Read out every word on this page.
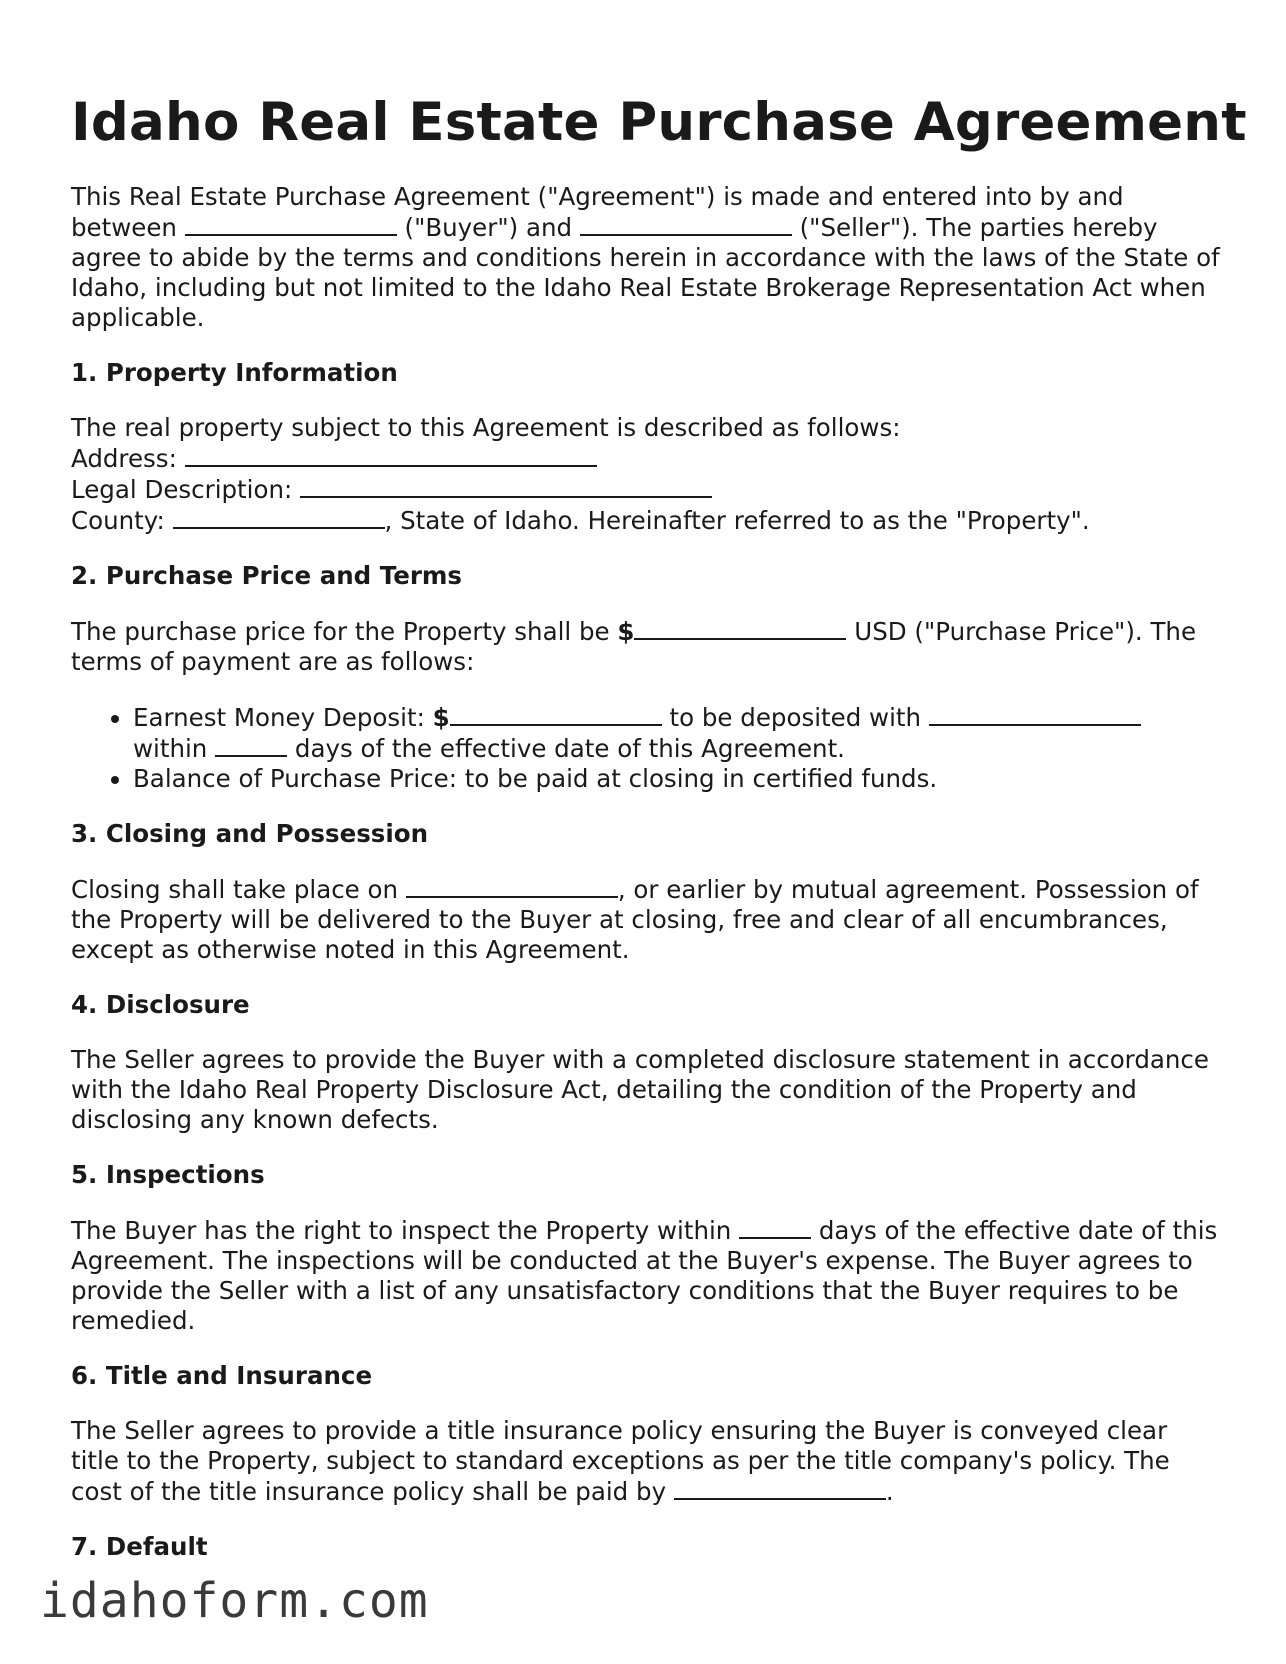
Idaho Real Estate Purchase Agreement

This Real Estate Purchase Agreement ("Agreement") is made and entered into by and between	("Buyer") and	("Seller"). The parties hereby agree to abide by the terms and conditions herein in accordance with the laws of the State of Idaho, including but not limited to the Idaho Real Estate Brokerage Representation Act when applicable.

1. Property Information

The real property subject to this Agreement is described as follows:
Address:
Legal Description:
County:	, State of Idaho. Hereinafter referred to as the "Property".

2. Purchase Price and Terms

The purchase price for the Property shall be $	USD ("Purchase Price"). The terms of payment are as follows:

• Earnest Money Deposit: $	to be deposited with  within	days of the effective date of this Agreement.
• Balance of Purchase Price: to be paid at closing in certified funds.
3. Closing and Possession

Closing shall take place on	, or earlier by mutual agreement. Possession of the Property will be delivered to the Buyer at closing, free and clear of all encumbrances, except as otherwise noted in this Agreement.

4. Disclosure

The Seller agrees to provide the Buyer with a completed disclosure statement in accordance with the Idaho Real Property Disclosure Act, detailing the condition of the Property and disclosing any known defects.

5. Inspections

The Buyer has the right to inspect the Property within	days of the effective date of this Agreement. The inspections will be conducted at the Buyer's expense. The Buyer agrees to provide the Seller with a list of any unsatisfactory conditions that the Buyer requires to be remedied.

6. Title and Insurance

The Seller agrees to provide a title insurance policy ensuring the Buyer is conveyed clear title to the Property, subject to standard exceptions as per the title company's policy. The cost of the title insurance policy shall be paid by	.

7. Default
idahoform.com
